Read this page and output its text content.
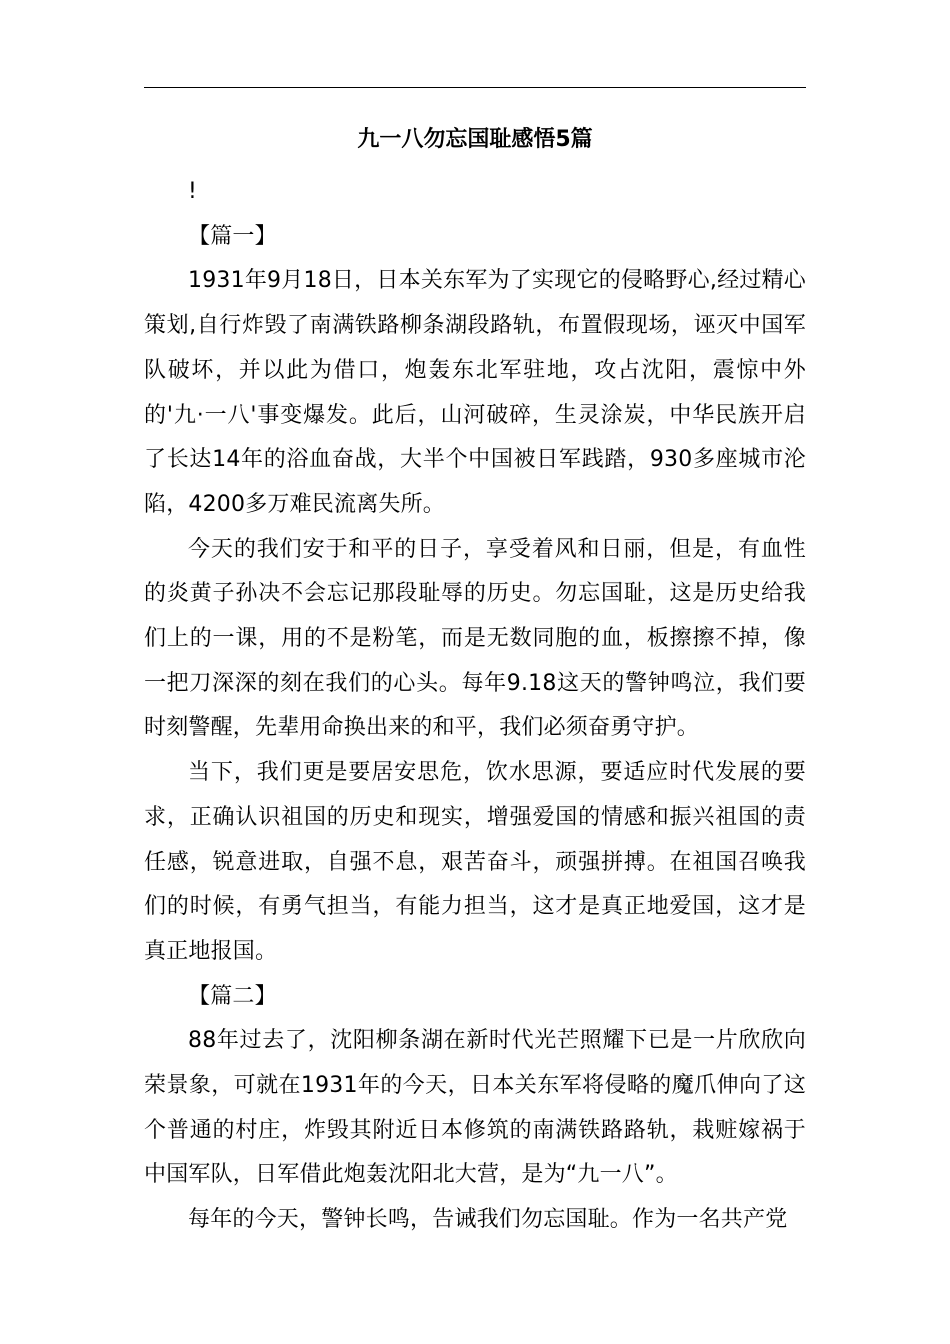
九一八勿忘国耻感悟5篇

!

【篇一】

1931年9月18日，日本关东军为了实现它的侵略野心,经过精心策划,自行炸毁了南满铁路柳条湖段路轨，布置假现场，诬灭中国军队破坏，并以此为借口，炮轰东北军驻地，攻占沈阳，震惊中外的'九·一八'事变爆发。此后，山河破碎，生灵涂炭，中华民族开启了长达14年的浴血奋战，大半个中国被日军践踏，930多座城市沦陷，4200多万难民流离失所。

今天的我们安于和平的日子，享受着风和日丽，但是，有血性的炎黄子孙决不会忘记那段耻辱的历史。勿忘国耻，这是历史给我们上的一课，用的不是粉笔，而是无数同胞的血，板擦擦不掉，像一把刀深深的刻在我们的心头。每年9.18这天的警钟鸣泣，我们要时刻警醒，先辈用命换出来的和平，我们必须奋勇守护。

当下，我们更是要居安思危，饮水思源，要适应时代发展的要求，正确认识祖国的历史和现实，增强爱国的情感和振兴祖国的责任感，锐意进取，自强不息，艰苦奋斗，顽强拼搏。在祖国召唤我们的时候，有勇气担当，有能力担当，这才是真正地爱国，这才是真正地报国。

【篇二】

88年过去了，沈阳柳条湖在新时代光芒照耀下已是一片欣欣向荣景象，可就在1931年的今天，日本关东军将侵略的魔爪伸向了这个普通的村庄，炸毁其附近日本修筑的南满铁路路轨，栽赃嫁祸于中国军队，日军借此炮轰沈阳北大营，是为“九一八”。

每年的今天，警钟长鸣，告诫我们勿忘国耻。作为一名共产党
